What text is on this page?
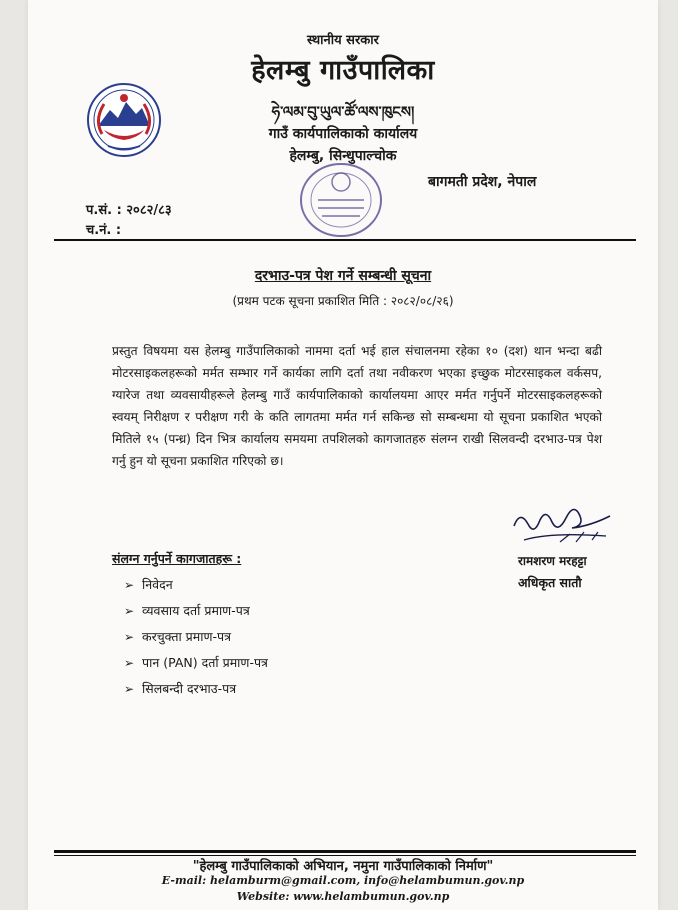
स्थानीय सरकार
हेलम्बु गाउँपालिका
ཧེ་ལམ་བུ་ཡུལ་ཚོ་ལས་ཁུངས།
गाउँ कार्यपालिकाको कार्यालय
हेलम्बु, सिन्धुपाल्चोक
बागमती प्रदेश, नेपाल
प.सं. : २०८२/८३
च.नं. :
दरभाउ-पत्र पेश गर्ने सम्बन्धी सूचना
(प्रथम पटक सूचना प्रकाशित मिति : २०८२/०८/२६)
प्रस्तुत विषयमा यस हेलम्बु गाउँपालिकाको नाममा दर्ता भई हाल संचालनमा रहेका १० (दश) थान भन्दा बढी मोटरसाइकलहरूको मर्मत सम्भार गर्ने कार्यका लागि दर्ता तथा नवीकरण भएका इच्छुक मोटरसाइकल वर्कसप, ग्यारेज तथा व्यवसायीहरूले हेलम्बु गाउँ कार्यपालिकाको कार्यालयमा आएर मर्मत गर्नुपर्ने मोटरसाइकलहरूको स्वयम् निरीक्षण र परीक्षण गरी के कति लागतमा मर्मत गर्न सकिन्छ सो सम्बन्धमा यो सूचना प्रकाशित भएको मितिले १५ (पन्ध्र) दिन भित्र कार्यालय समयमा तपशिलको कागजातहरु संलग्न राखी सिलवन्दी दरभाउ-पत्र पेश गर्नु हुन यो सूचना प्रकाशित गरिएको छ।
रामशरण मरहट्टा
अधिकृत सातौ
संलग्न गर्नुपर्ने कागजातहरू :
➢ निवेदन
➢ व्यवसाय दर्ता प्रमाण-पत्र
➢ करचुक्ता प्रमाण-पत्र
➢ पान (PAN) दर्ता प्रमाण-पत्र
➢ सिलबन्दी दरभाउ-पत्र
"हेलम्बु गाउँपालिकाको अभियान, नमुना गाउँपालिकाको निर्माण"
E-mail: helamburm@gmail.com, info@helambumun.gov.np
Website: www.helambumun.gov.np
